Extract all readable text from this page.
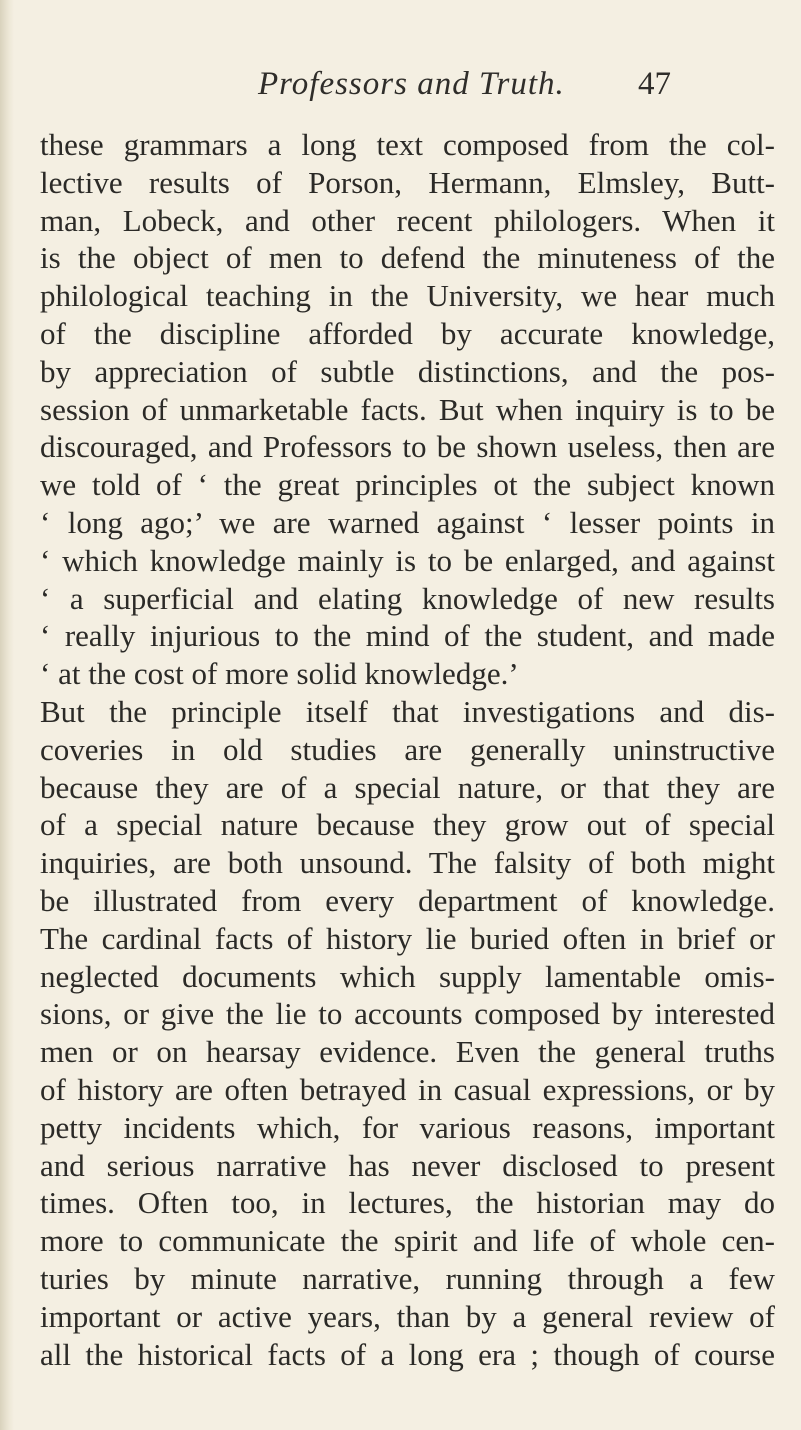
Professors and Truth. 47
these grammars a long text composed from the col-
lective results of Porson, Hermann, Elmsley, Butt-
man, Lobeck, and other recent philologers. When it
is the object of men to defend the minuteness of the
philological teaching in the University, we hear much
of the discipline afforded by accurate knowledge,
by appreciation of subtle distinctions, and the pos-
session of unmarketable facts. But when inquiry is to be
discouraged, and Professors to be shown useless, then are
we told of ‘ the great principles ot the subject known
‘ long ago;’ we are warned against ‘ lesser points in
‘ which knowledge mainly is to be enlarged, and against
‘ a superficial and elating knowledge of new results
‘ really injurious to the mind of the student, and made
‘ at the cost of more solid knowledge.’
But the principle itself that investigations and dis-
coveries in old studies are generally uninstructive
because they are of a special nature, or that they are
of a special nature because they grow out of special
inquiries, are both unsound. The falsity of both might
be illustrated from every department of knowledge.
The cardinal facts of history lie buried often in brief or
neglected documents which supply lamentable omis-
sions, or give the lie to accounts composed by interested
men or on hearsay evidence. Even the general truths
of history are often betrayed in casual expressions, or by
petty incidents which, for various reasons, important
and serious narrative has never disclosed to present
times. Often too, in lectures, the historian may do
more to communicate the spirit and life of whole cen-
turies by minute narrative, running through a few
important or active years, than by a general review of
all the historical facts of a long era ; though of course
